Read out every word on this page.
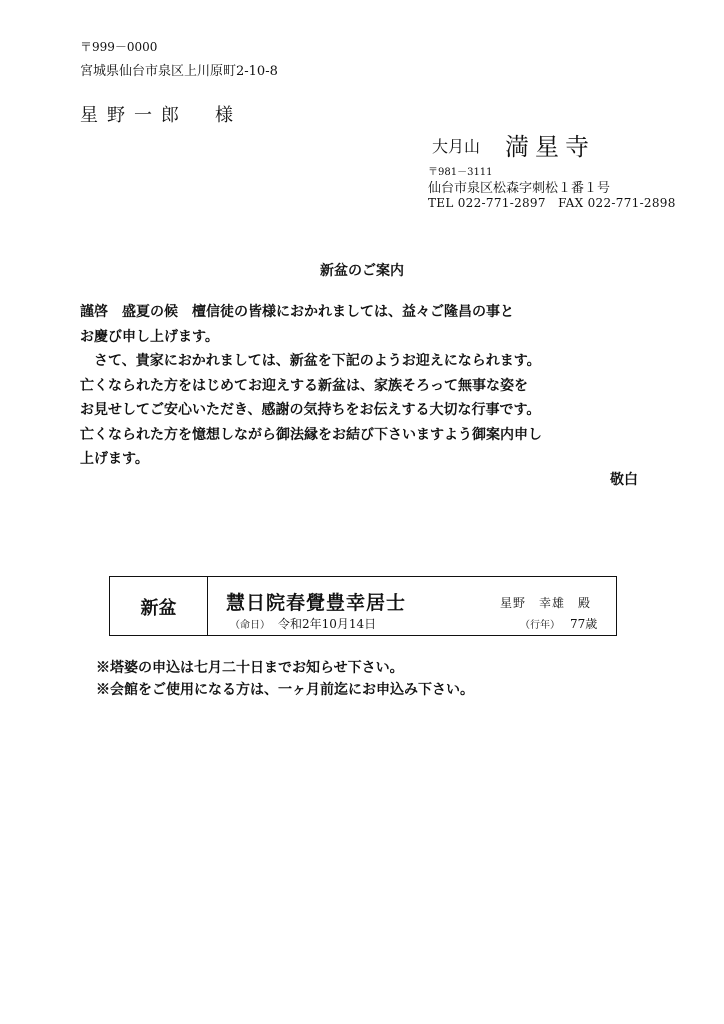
〒999－0000
宮城県仙台市泉区上川原町2-10-8
星野一郎　様
大月山 満星寺
〒981－3111
仙台市泉区松森字刺松１番１号
TEL 022-771-2897　FAX 022-771-2898
新盆のご案内
謹啓　盛夏の候　檀信徒の皆様におかれましては、益々ご隆昌の事と
お慶び申し上げます。
　さて、貴家におかれましては、新盆を下記のようお迎えになられます。
亡くなられた方をはじめてお迎えする新盆は、家族そろって無事な姿を
お見せしてご安心いただき、感謝の気持ちをお伝えする大切な行事です。
亡くなられた方を憶想しながら御法縁をお結び下さいますよう御案内申し
上げます。
敬白
新盆	慧日院春覺豊幸居士
（命日） 令和2年10月14日
星野　幸雄　殿
（行年） 77歳
※塔婆の申込は七月二十日までお知らせ下さい。
※会館をご使用になる方は、一ヶ月前迄にお申込み下さい。
